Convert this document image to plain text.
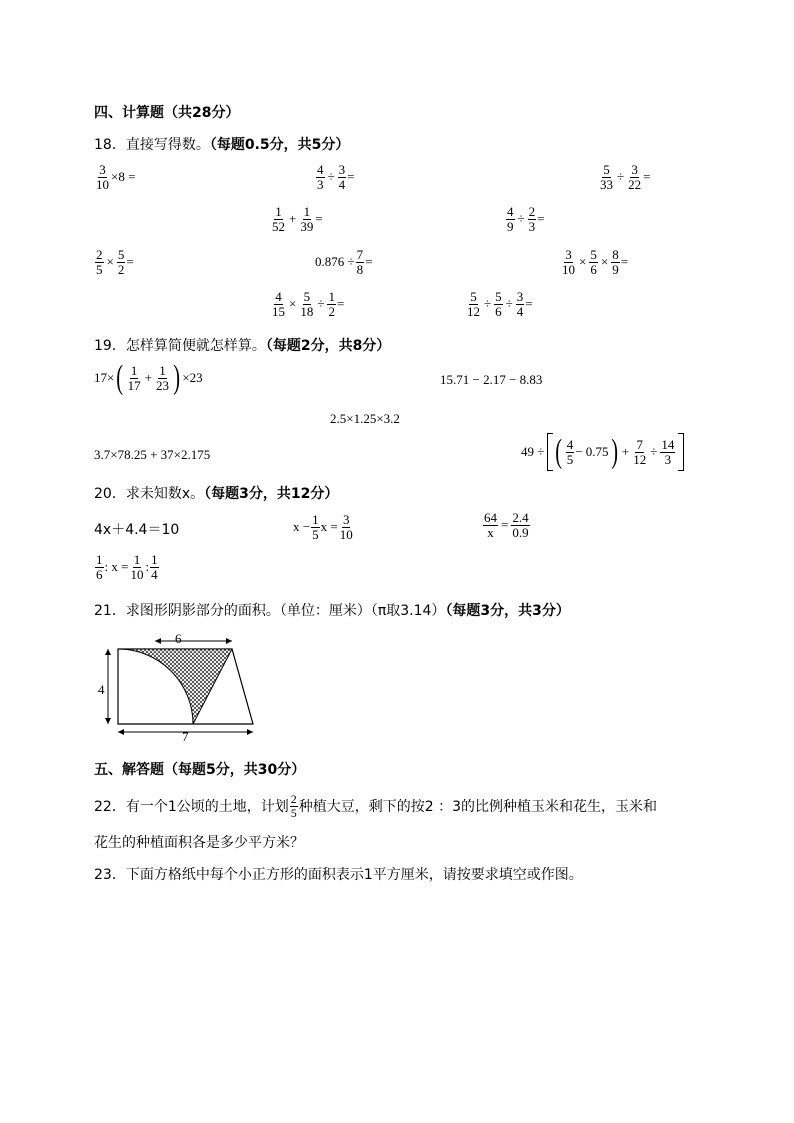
四、计算题（共28分）
18．直接写得数。（每题0.5分，共5分）
$\frac{3}{10} \times 8$ =	$\frac{4}{3} \div \frac{3}{4}$ =	$\frac{5}{33} \div \frac{3}{22}$ =
$\frac{1}{52} + \frac{1}{39}$ =	$\frac{4}{9} \div \frac{2}{3}$ =
$\frac{2}{5} \times \frac{5}{2}$ =	$0.876 \div \frac{7}{8}$ =	$\frac{3}{10} \times \frac{5}{6} \times \frac{8}{9}$ =
$\frac{4}{15} \times \frac{5}{18} \div \frac{1}{2}$ =	$\frac{5}{12} \div \frac{5}{6} \div \frac{3}{4}$ =
19．怎样算简便就怎样算。（每题2分，共8分）
17× ( $\frac{1}{17} + \frac{1}{23}$ ) ×23	15.71 − 2.17 − 8.83
2.5×1.25×3.2
3.7×78.25 + 37×2.175	49 ÷ ( $\frac{4}{5} - 0.75$ ) + $\frac{7}{12} \div \frac{14}{3}$
20．求未知数x。（每题3分，共12分）
4x＋4.4＝10	$x - \frac{1}{5}$ $x = \frac{3}{10}$	$\frac{64}{x} = \frac{2.4}{0.9}$
$\frac{1}{6}$ : $x = \frac{1}{10}$ : $\frac{1}{4}$
21．求图形阴影部分的面积。（单位：厘米）（π取3.14）（每题3分，共3分）
6
4
7
五、解答题（每题5分，共30分）
22．有一个1公顷的土地，计划 $\frac{2}{5}$ 种植大豆，剩下的按2 ：3的比例种植玉米和花生，玉米和
花生的种植面积各是多少平方米？
23．下面方格纸中每个小正方形的面积表示1平方厘米，请按要求填空或作图。
